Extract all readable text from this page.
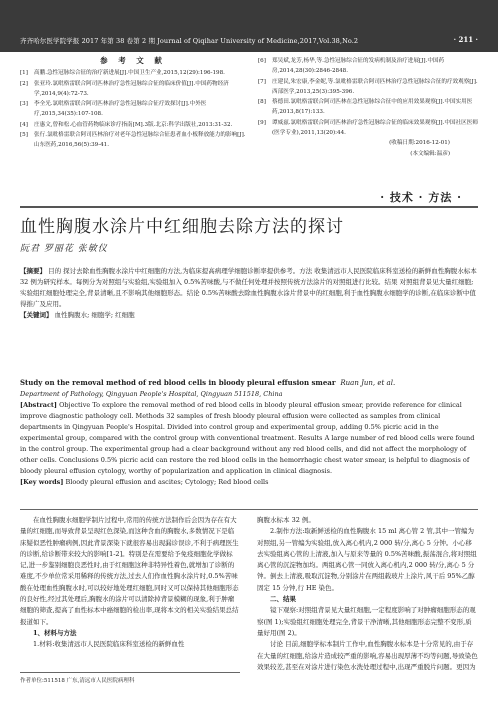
齐齐哈尔医学院学报 2017 年第 38 卷第 2 期 Journal of Qiqihar University of Medicine,2017,Vol.38,No.2	· 211 ·
参 考 文 献
[1]	高鹏.急性冠脉综合征的治疗新进展[J].中国卫生产业,2015,12(29):196-198.
[2]	张亚玲.氯吡格雷联合阿司匹林治疗急性冠脉综合征的临床价值[J].中国药物经济学,2014,9(4):72-73.
[3]	李全光.氯吡格雷联合阿司匹林治疗急性冠脉综合征疗效探讨[J].中外医疗,2015,34(35):107-108.
[4]	庄惠文,曾和松.心血管药物临床诊疗指南[M].3版.北京:科学出版社,2013:31-32.
[5]	张行.氯吡格雷联合阿司匹林治疗对老年急性冠脉综合征患者血小板释放能力的影响[J].山东医药,2016,56(5):39-41.
[6]	郑吴斌,龙芳,杨华,等.急性冠脉综合征的发病机制及治疗进展[J].中国药房,2014,28(30):2846-2848.
[7]	庄建民,朱宏康,李金妮,等.氯吡格雷联合阿司匹林治疗急性冠脉综合征的疗效观察[J].西部医学,2013,25(3):395-396.
[8]	蔡德田.氯吡格雷联合阿司匹林在急性冠脉综合征中的应用效果观察[J].中国实用医药,2013,8(17):133.
[9]	谭威兹.氯吡格雷联合阿司匹林治疗急性冠脉综合征的临床效果观察[J].中国社区医师(医学专业),2011,13(20):44.
(收稿日期:2016-12-01)
(本文编辑:温彦)
· 技术 · 方法 ·
血性胸腹水涂片中红细胞去除方法的探讨
阮君 罗丽花 张敏仪
【摘要】 目的 探讨去除血性胸腹水涂片中红细胞的方法,为临床提高病理学细胞诊断率提供参考。方法 收集清远市人民医院临床科室送检的新鲜血性胸腹水标本 32 例为研究样本。每例分为对照组与实验组,实验组加入 0.5%苦味酸,与不做任何处理并按照传统方法涂片的对照组进行比较。结果 对照组背景见大量红细胞;实验组红细胞处理完全,背景清晰,且不影响其他细胞形态。结论 0.5%苦味酸去除血性胸腹水涂片背景中的红细胞,利于血性胸腹水细胞学的诊断,在临床诊断中值得推广及应用。
【关键词】 血性胸腹水; 细胞学; 红细胞
Study on the removal method of red blood cells in bloody pleural effusion smear Ruan Jun, et al.
Department of Pathology, Qingyuan People's Hospital, Qingyuan 511518, China
[Abstract] Objective To explore the removal method of red blood cells in bloody pleural effusion smear, provide reference for clinical improve diagnostic pathology cell. Methods 32 samples of fresh bloody pleural effusion were collected as samples from clinical departments in Qingyuan People's Hospital. Divided into control group and experimental group, adding 0.5% picric acid in the experimental group, compared with the control group with conventional treatment. Results A large number of red blood cells were found in the control group. The experimental group had a clear background without any red blood cells, and did not affect the morphology of other cells. Conclusions 0.5% picric acid can restore the red blood cells in the hemorrhagic chest water smear, is helpful to diagnosis of bloody pleural effusion cytology, worthy of popularization and application in clinical diagnosis.
[Key words] Bloody pleural effusion and ascites; Cytology; Red blood cells
在血性胸腹水细胞学制片过程中,常用的传统方法制作后会因为存在有大量的红细胞,而导致背景呈现红色深染,而这种含血的胸腹水,多数情况下是临床疑似恶性肿瘤病例,因此背景深染下就很容易出现漏诊误诊,不利于病理医生的诊断,给诊断带来较大的影响[1-2]。特别是在需要给予免疫细胞化学做标记,进一步鉴别细胞良恶性时,由于红细胞这种非特异性着色,就增加了诊断的难度,不少单位常采用稀释的传统方法,过去人们作血性胸水涂片时,0.5%苦味酸在处理血性胸腹水时,可以较好地处理红细胞,同时又可以保持其他细胞形态的良好性,经过其处理后,胸腹水的涂片可以清除掉背景模糊的现象,利于肿瘤细胞的筛查,提高了血性标本中癌细胞的检出率,现将本文的相关实验结果总结报道如下。
1、材料与方法
1.材料:收集清远市人民医院临床科室送检的新鲜血性
胸腹水标本 32 例。
2.制作方法:取新鲜送检的血性胸腹水 15 ml 离心管 2 管,其中一管编为对照组,另一管编为实验组,放入离心机内,2 000 转/分,离心 5 分钟。小心移去实验组离心管的上清液,加入与原来等量的 0.5%苦味酸,振荡混合,将对照组离心管的沉淀物加均。两组离心管一同放入离心机内,2 000 转/分,离心 5 分钟。倒去上清液,吸取沉淀物,分别涂片在两组载玻片上涂片,风干后 95%乙醇固定 15 分钟,行 HE 染色。
二、结果
镜下观察:对照组背景见大量红细胞,一定程度影响了对肿瘤细胞形态的观察(图 1);实验组红细胞处理完全,背景干净清晰,其他细胞形态完整不变形,质量好用(图 2)。
讨论 目前,细胞学标本制片工作中,血性胸腹水标本是十分常见的,由于存在大量的红细胞,给涂片造成较严重的影响,容易出现厚薄不均等问题,导致染色效果较差,甚至在对涂片进行染色水洗处理过程中,出现严重脱片问题。更因为
作者单位:511518 广东,清远市人民医院病理科
